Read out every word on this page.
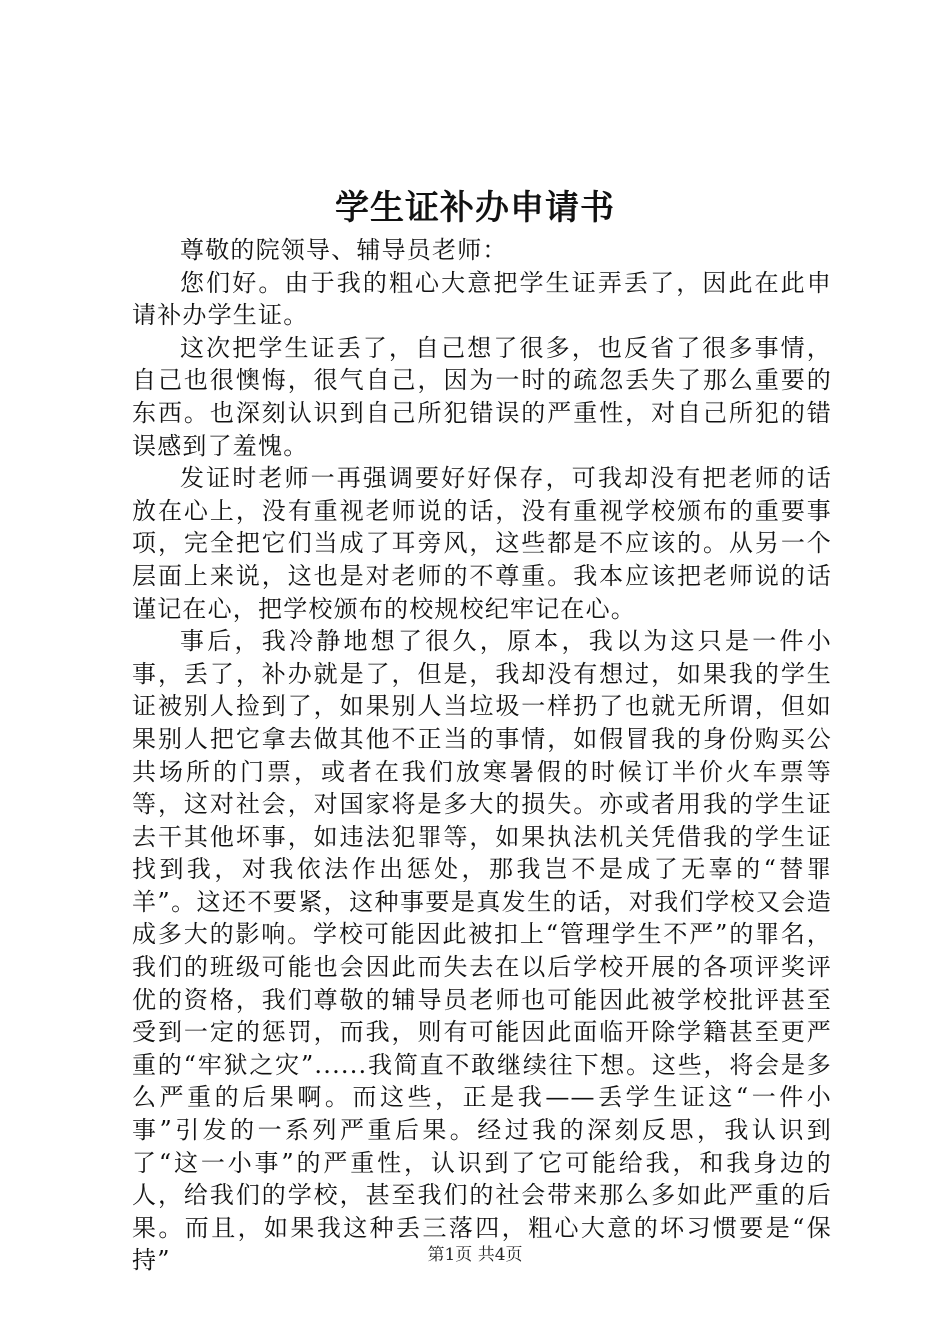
学生证补办申请书

尊敬的院领导、辅导员老师：

您们好。由于我的粗心大意把学生证弄丢了，因此在此申请补办学生证。

这次把学生证丢了，自己想了很多，也反省了很多事情，自己也很懊悔，很气自己，因为一时的疏忽丢失了那么重要的东西。也深刻认识到自己所犯错误的严重性，对自己所犯的错误感到了羞愧。

发证时老师一再强调要好好保存，可我却没有把老师的话放在心上，没有重视老师说的话，没有重视学校颁布的重要事项，完全把它们当成了耳旁风，这些都是不应该的。从另一个层面上来说，这也是对老师的不尊重。我本应该把老师说的话谨记在心，把学校颁布的校规校纪牢记在心。

事后，我冷静地想了很久，原本，我以为这只是一件小事，丢了，补办就是了，但是，我却没有想过，如果我的学生证被别人捡到了，如果别人当垃圾一样扔了也就无所谓，但如果别人把它拿去做其他不正当的事情，如假冒我的身份购买公共场所的门票，或者在我们放寒暑假的时候订半价火车票等等，这对社会，对国家将是多大的损失。亦或者用我的学生证去干其他坏事，如违法犯罪等，如果执法机关凭借我的学生证找到我，对我依法作出惩处，那我岂不是成了无辜的“替罪羊”。这还不要紧，这种事要是真发生的话，对我们学校又会造成多大的影响。学校可能因此被扣上“管理学生不严”的罪名，我们的班级可能也会因此而失去在以后学校开展的各项评奖评优的资格，我们尊敬的辅导员老师也可能因此被学校批评甚至受到一定的惩罚，而我，则有可能因此面临开除学籍甚至更严重的“牢狱之灾”......我简直不敢继续往下想。这些，将会是多么严重的后果啊。而这些，正是我——丢学生证这“一件小事”引发的一系列严重后果。经过我的深刻反思，我认识到了“这一小事”的严重性，认识到了它可能给我，和我身边的人，给我们的学校，甚至我们的社会带来那么多如此严重的后果。而且，如果我这种丢三落四，粗心大意的坏习惯要是“保持”	第1页 共4页
